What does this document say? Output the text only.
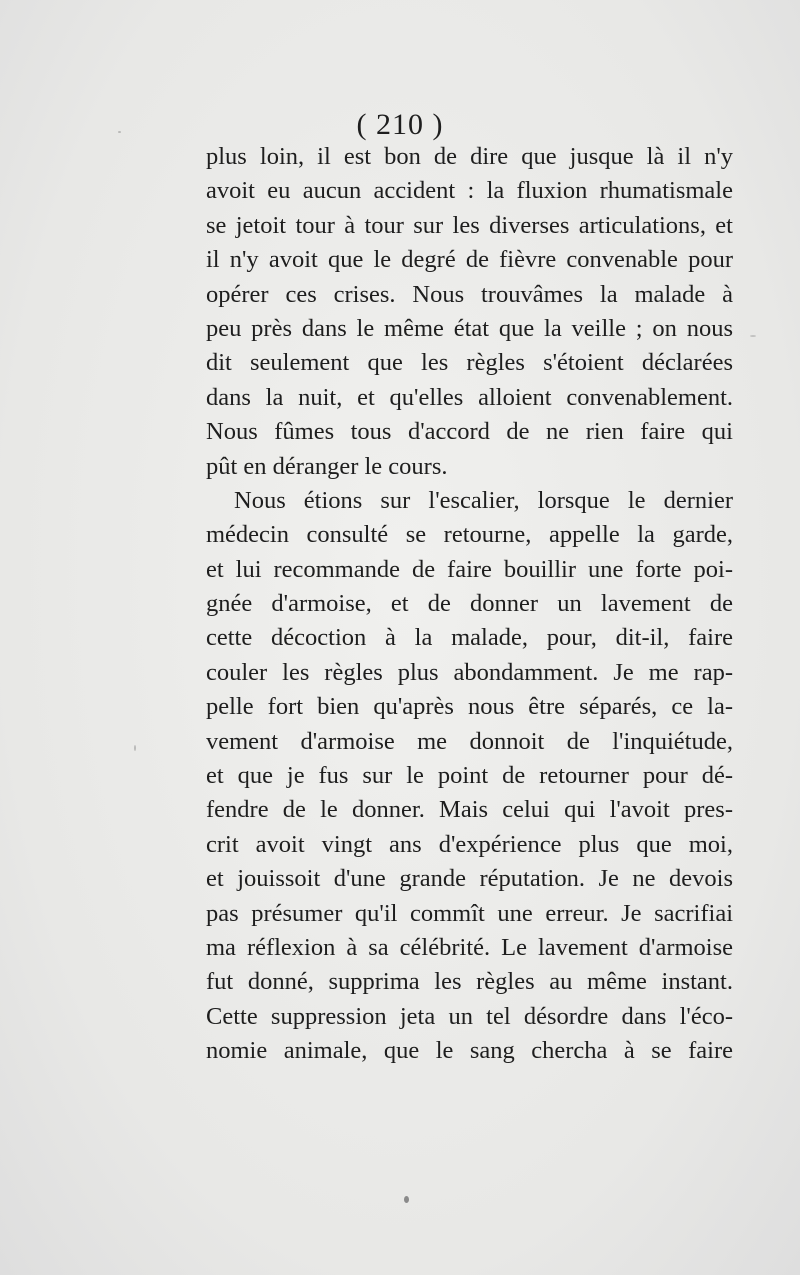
( 210 )
plus loin, il est bon de dire que jusque là il n'y
avoit eu aucun accident : la fluxion rhumatismale
se jetoit tour à tour sur les diverses articulations, et
il n'y avoit que le degré de fièvre convenable pour
opérer ces crises. Nous trouvâmes la malade à
peu près dans le même état que la veille ; on nous
dit seulement que les règles s'étoient déclarées
dans la nuit, et qu'elles alloient convenablement.
Nous fûmes tous d'accord de ne rien faire qui
pût en déranger le cours.
Nous étions sur l'escalier, lorsque le dernier
médecin consulté se retourne, appelle la garde,
et lui recommande de faire bouillir une forte poi-
gnée d'armoise, et de donner un lavement de
cette décoction à la malade, pour, dit-il, faire
couler les règles plus abondamment. Je me rap-
pelle fort bien qu'après nous être séparés, ce la-
vement d'armoise me donnoit de l'inquiétude,
et que je fus sur le point de retourner pour dé-
fendre de le donner. Mais celui qui l'avoit pres-
crit avoit vingt ans d'expérience plus que moi,
et jouissoit d'une grande réputation. Je ne devois
pas présumer qu'il commît une erreur. Je sacrifiai
ma réflexion à sa célébrité. Le lavement d'armoise
fut donné, supprima les règles au même instant.
Cette suppression jeta un tel désordre dans l'éco-
nomie animale, que le sang chercha à se faire
